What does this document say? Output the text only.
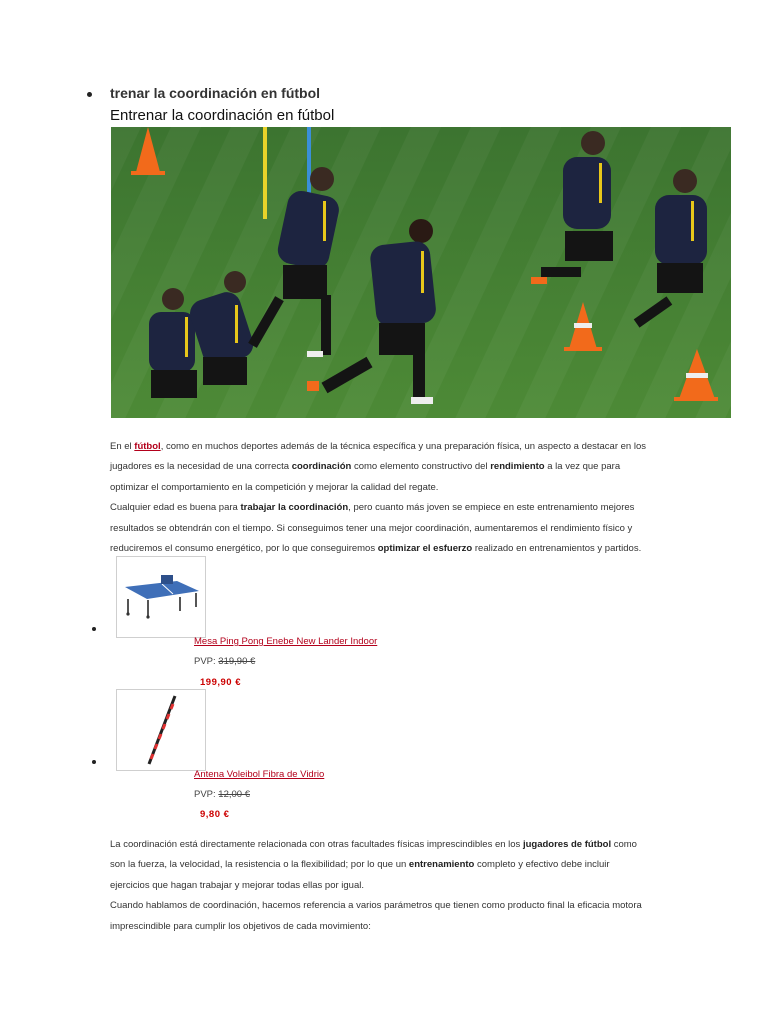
trenar la coordinación en fútbol
Entrenar la coordinación en fútbol
En el fútbol, como en muchos deportes además de la técnica específica y una preparación física, un aspecto a destacar en los
jugadores es la necesidad de una correcta coordinación como elemento constructivo del rendimiento a la vez que para
optimizar el comportamiento en la competición y mejorar la calidad del regate.
Cualquier edad es buena para trabajar la coordinación, pero cuanto más joven se empiece en este entrenamiento mejores
resultados se obtendrán con el tiempo. Si conseguimos tener una mejor coordinación, aumentaremos el rendimiento físico y
reduciremos el consumo energético, por lo que conseguiremos optimizar el esfuerzo realizado en entrenamientos y partidos.
Mesa Ping Pong Enebe New Lander Indoor
PVP: 319,90 €
199,90 €
Antena Voleibol Fibra de Vidrio
PVP: 12,00 €
9,80 €
La coordinación está directamente relacionada con otras facultades físicas imprescindibles en los jugadores de fútbol como
son la fuerza, la velocidad, la resistencia o la flexibilidad; por lo que un entrenamiento completo y efectivo debe incluir
ejercicios que hagan trabajar y mejorar todas ellas por igual.
Cuando hablamos de coordinación, hacemos referencia a varios parámetros que tienen como producto final la eficacia motora
imprescindible para cumplir los objetivos de cada movimiento:
